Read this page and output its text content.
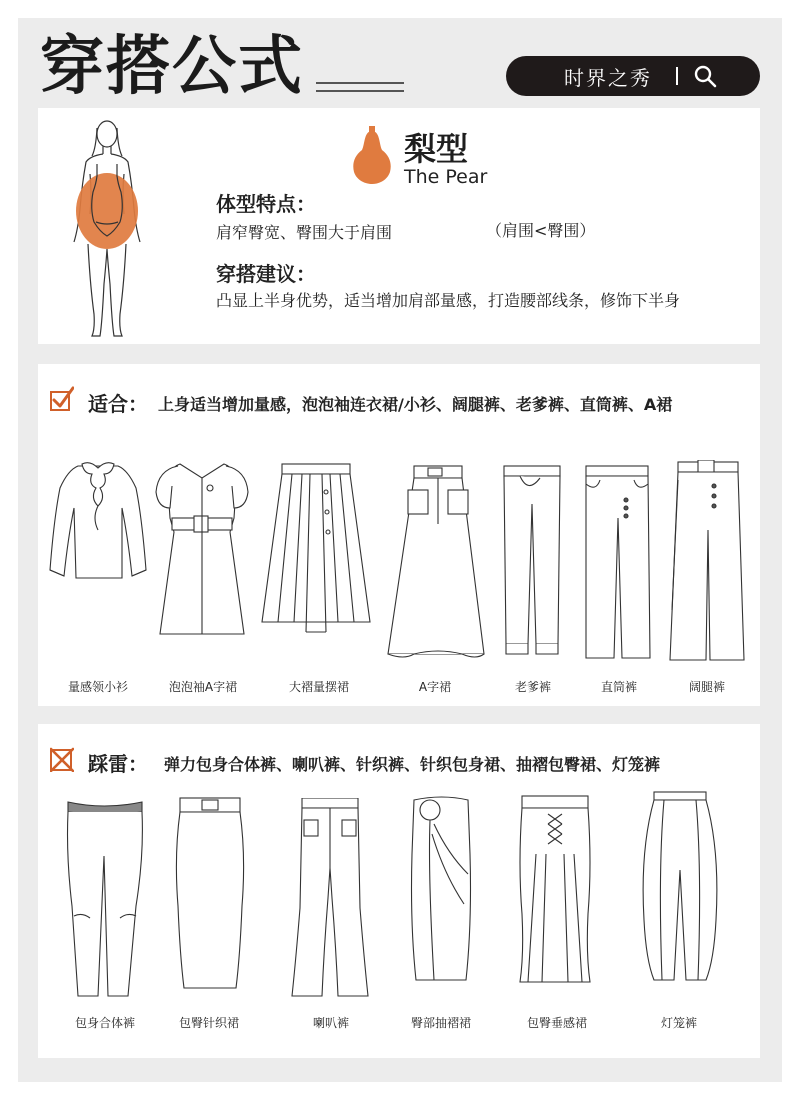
穿搭公式	时界之秀
梨型
The Pear
体型特点：
肩窄臀宽、臀围大于肩围	（肩围<臀围）
穿搭建议：
凸显上半身优势，适当增加肩部量感，打造腰部线条，修饰下半身
适合： 上身适当增加量感，泡泡袖连衣裙/小衫、阔腿裤、老爹裤、直筒裤、A裙
量感领小衫	泡泡袖A字裙	大褶量摆裙	A字裙	老爹裤	直筒裤	阔腿裤
踩雷： 弹力包身合体裤、喇叭裤、针织裤、针织包身裙、抽褶包臀裙、灯笼裤
包身合体裤	包臀针织裙	喇叭裤	臀部抽褶裙	包臀垂感裙	灯笼裤
